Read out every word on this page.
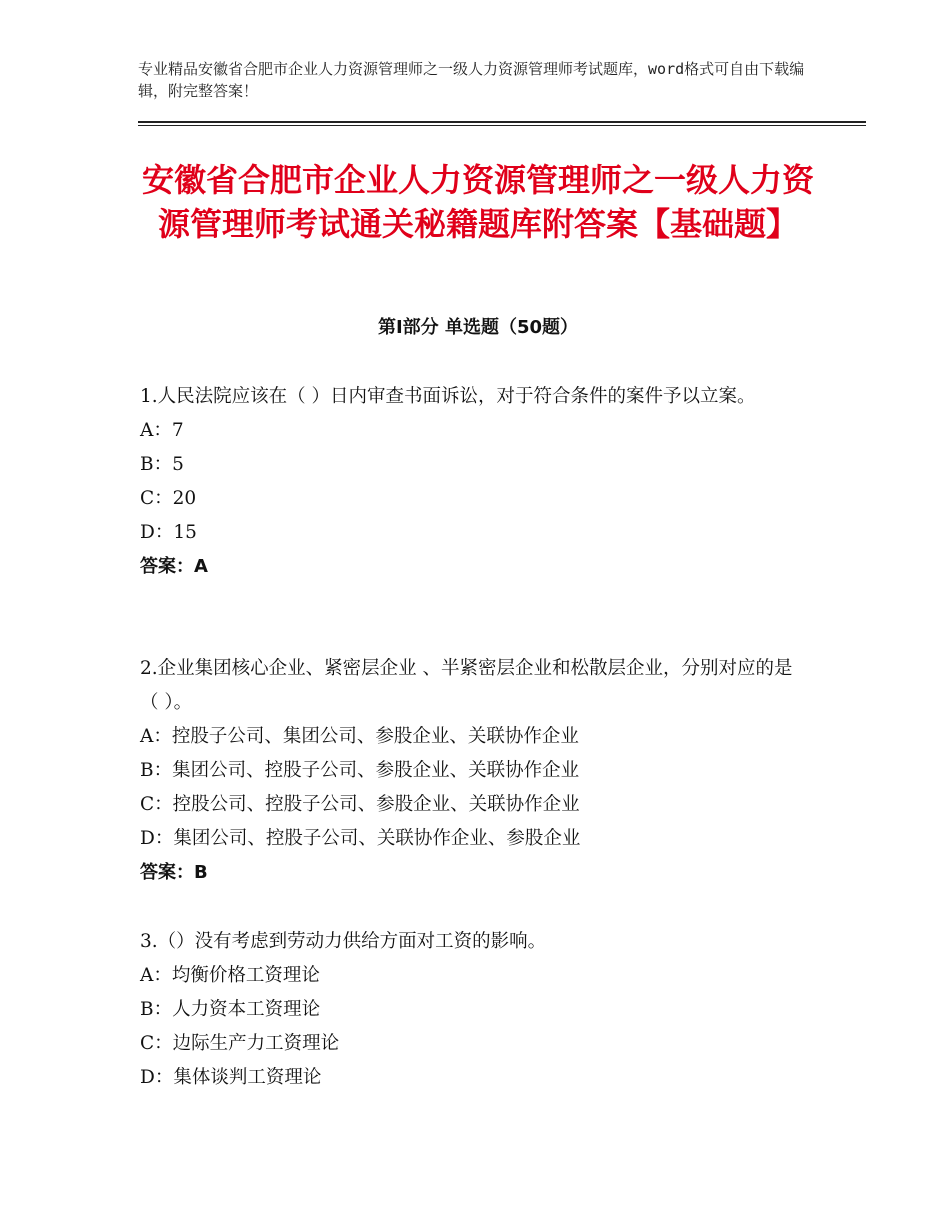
专业精品安徽省合肥市企业人力资源管理师之一级人力资源管理师考试题库，word格式可自由下载编辑，附完整答案！
安徽省合肥市企业人力资源管理师之一级人力资源管理师考试通关秘籍题库附答案【基础题】
第Ⅰ部分 单选题（50题）
1.人民法院应该在（ ）日内审查书面诉讼，对于符合条件的案件予以立案。
A：7
B：5
C：20
D：15
答案：A
2.企业集团核心企业、紧密层企业 、半紧密层企业和松散层企业，分别对应的是（ ）。
A：控股子公司、集团公司、参股企业、关联协作企业
B：集团公司、控股子公司、参股企业、关联协作企业
C：控股公司、控股子公司、参股企业、关联协作企业
D：集团公司、控股子公司、关联协作企业、参股企业
答案：B
3.（）没有考虑到劳动力供给方面对工资的影响。
A：均衡价格工资理论
B：人力资本工资理论
C：边际生产力工资理论
D：集体谈判工资理论
